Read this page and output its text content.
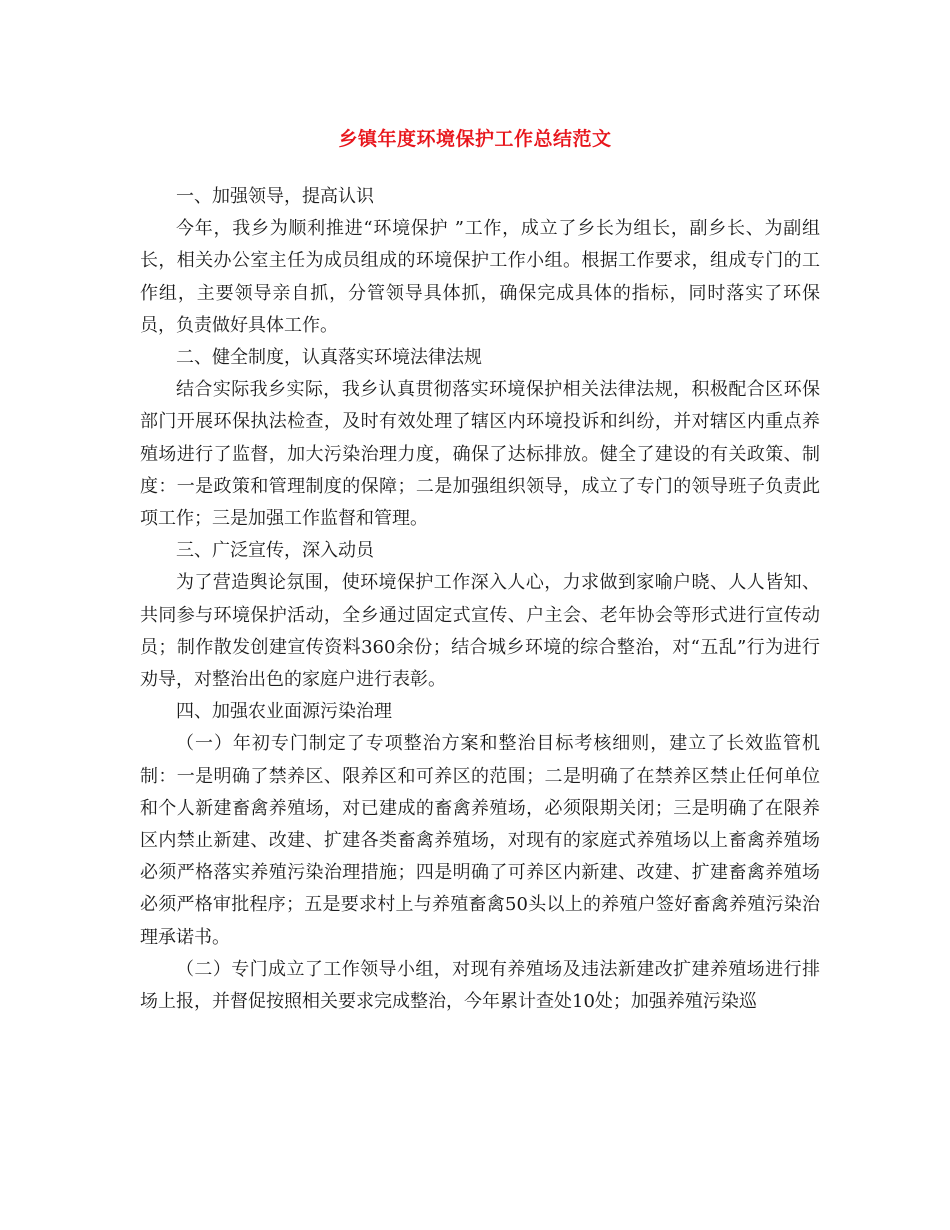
乡镇年度环境保护工作总结范文

一、加强领导，提高认识

今年，我乡为顺利推进“环境保护 ”工作，成立了乡长为组长，副乡长、为副组长，相关办公室主任为成员组成的环境保护工作小组。根据工作要求，组成专门的工作组，主要领导亲自抓，分管领导具体抓，确保完成具体的指标，同时落实了环保员，负责做好具体工作。

二、健全制度，认真落实环境法律法规

结合实际我乡实际，我乡认真贯彻落实环境保护相关法律法规，积极配合区环保部门开展环保执法检查，及时有效处理了辖区内环境投诉和纠纷，并对辖区内重点养殖场进行了监督，加大污染治理力度，确保了达标排放。健全了建设的有关政策、制度：一是政策和管理制度的保障；二是加强组织领导，成立了专门的领导班子负责此项工作；三是加强工作监督和管理。

三、广泛宣传，深入动员

为了营造舆论氛围，使环境保护工作深入人心，力求做到家喻户晓、人人皆知、共同参与环境保护活动，全乡通过固定式宣传、户主会、老年协会等形式进行宣传动员；制作散发创建宣传资料360余份；结合城乡环境的综合整治，对“五乱”行为进行劝导，对整治出色的家庭户进行表彰。

四、加强农业面源污染治理

（一）年初专门制定了专项整治方案和整治目标考核细则，建立了长效监管机制：一是明确了禁养区、限养区和可养区的范围；二是明确了在禁养区禁止任何单位和个人新建畜禽养殖场，对已建成的畜禽养殖场，必须限期关闭；三是明确了在限养区内禁止新建、改建、扩建各类畜禽养殖场，对现有的家庭式养殖场以上畜禽养殖场必须严格落实养殖污染治理措施；四是明确了可养区内新建、改建、扩建畜禽养殖场必须严格审批程序；五是要求村上与养殖畜禽50头以上的养殖户签好畜禽养殖污染治理承诺书。

（二）专门成立了工作领导小组，对现有养殖场及违法新建改扩建养殖场进行排场上报，并督促按照相关要求完成整治，今年累计查处10处；加强养殖污染巡
